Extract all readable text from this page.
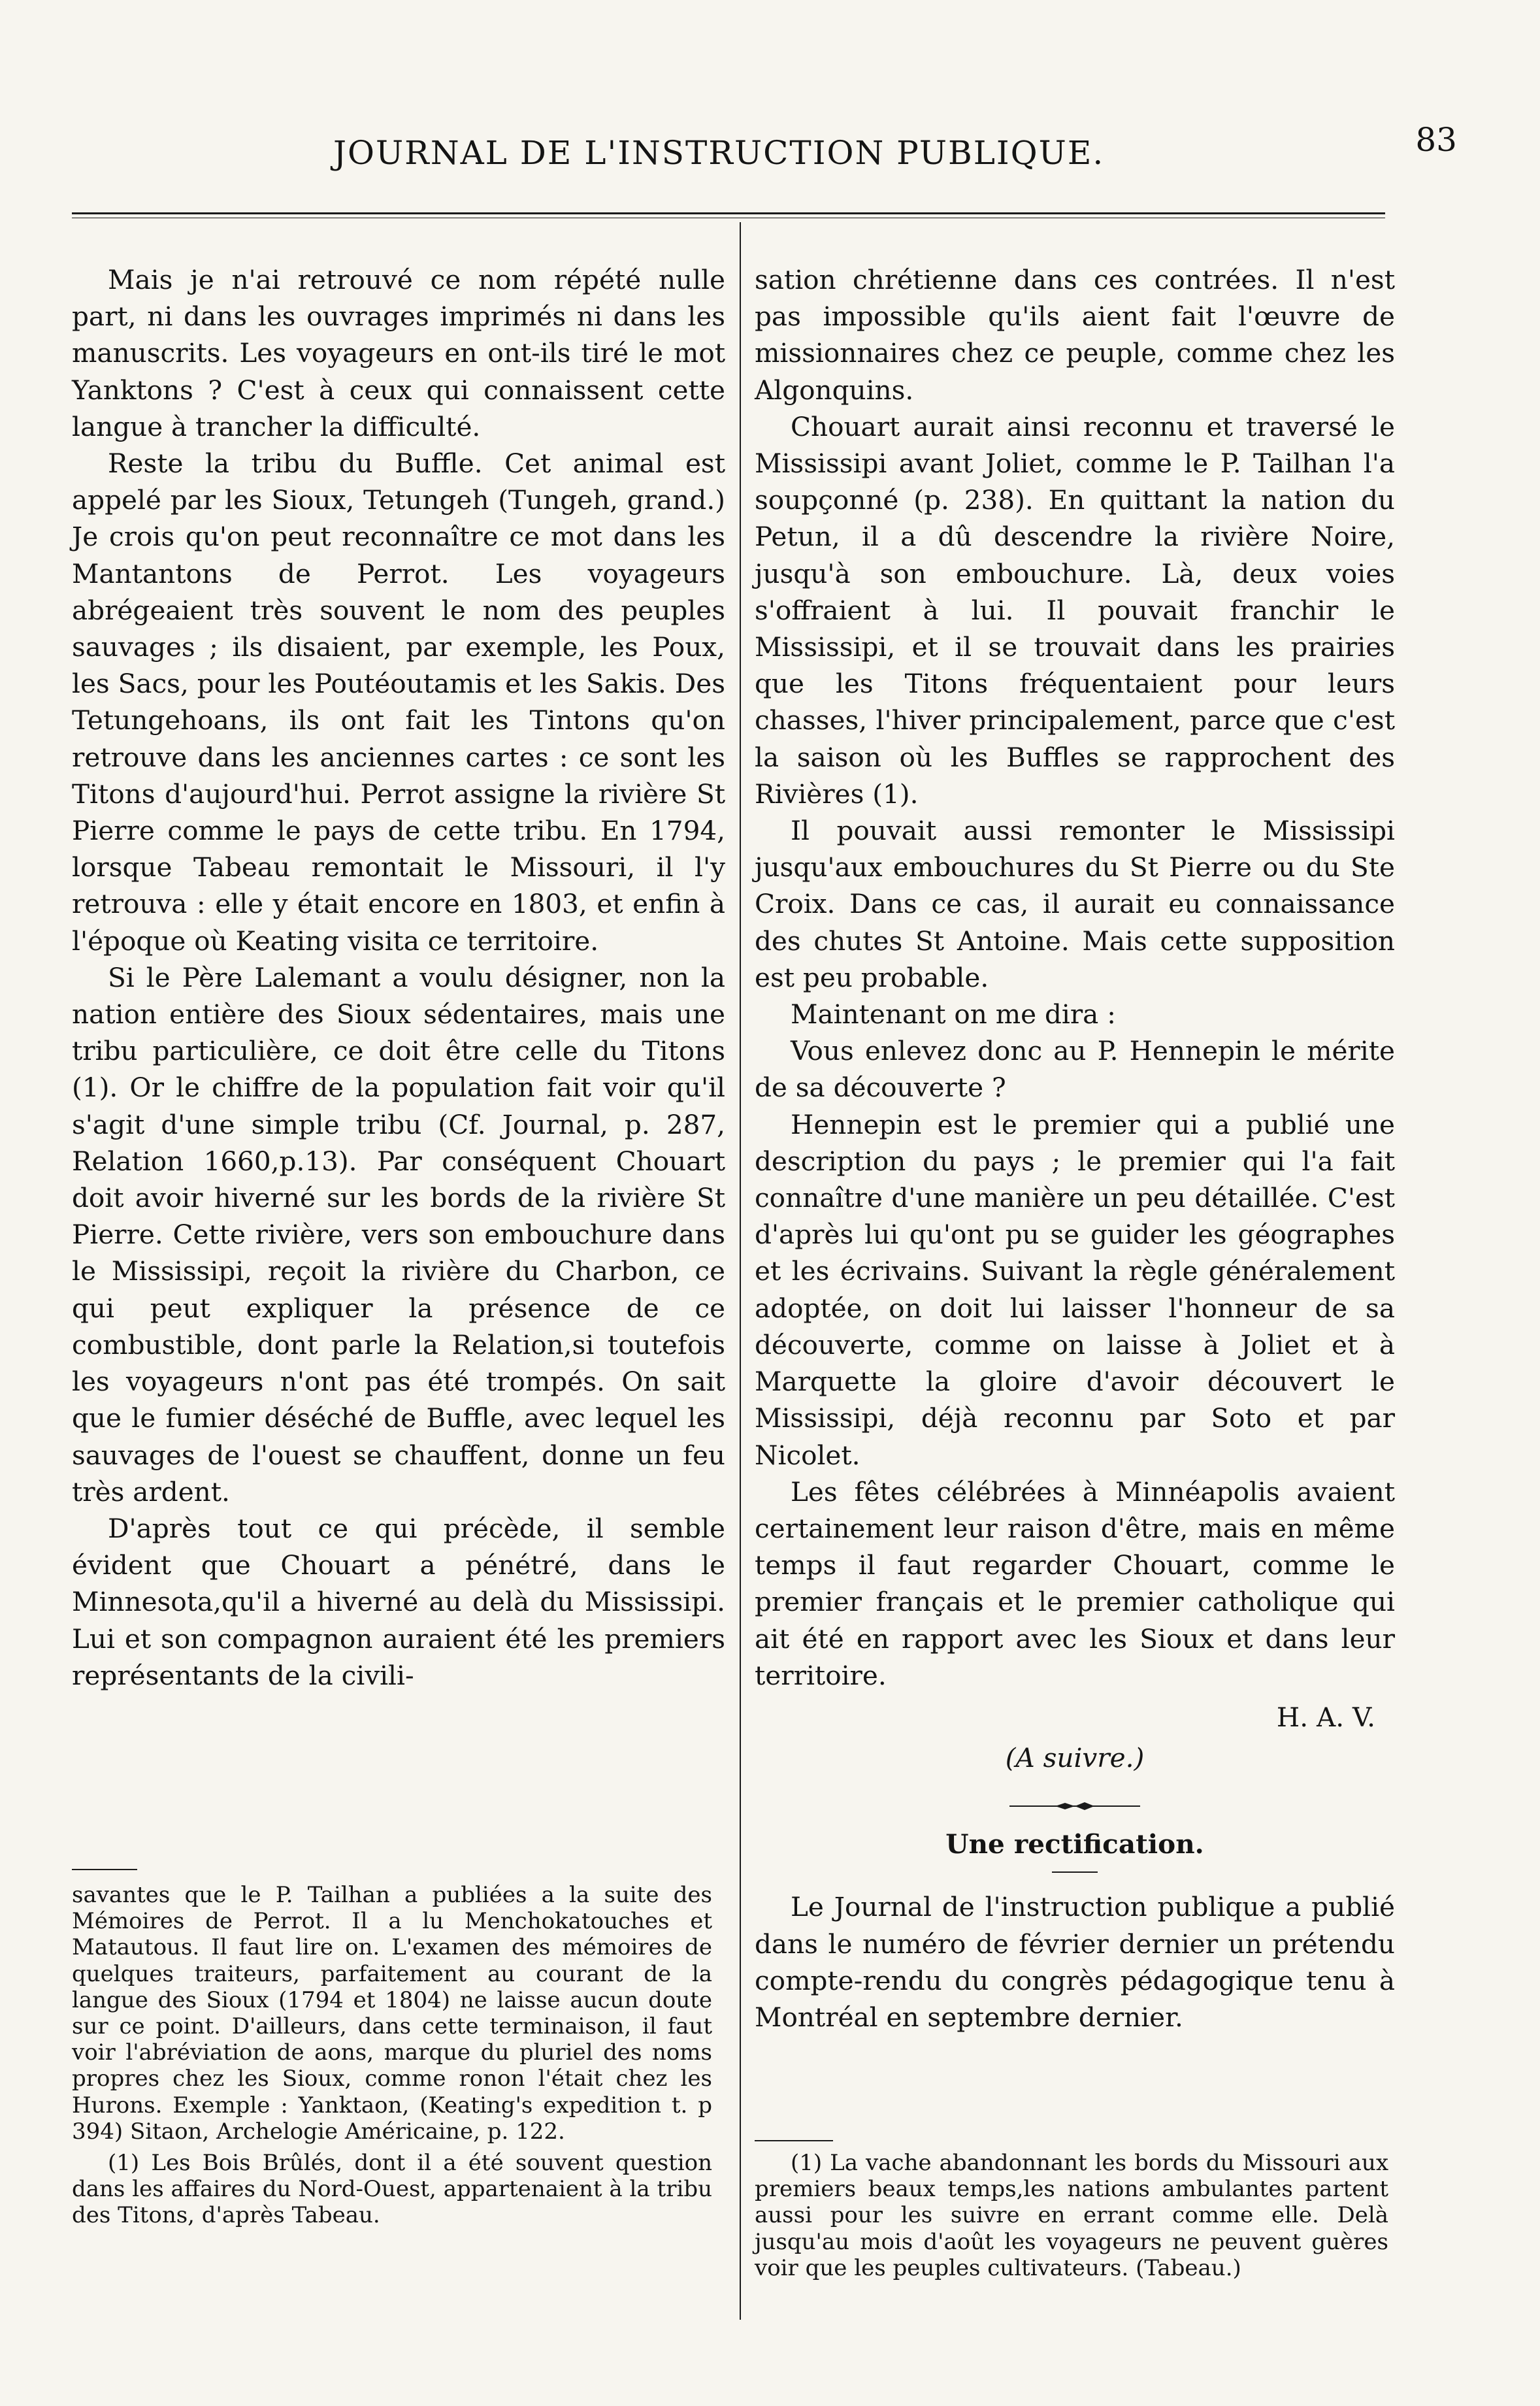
JOURNAL DE L'INSTRUCTION PUBLIQUE.	83

Mais je n'ai retrouvé ce nom répété nulle part, ni dans les ouvrages imprimés ni dans les manuscrits. Les voyageurs en ont-ils tiré le mot Yanktons ? C'est à ceux qui connaissent cette langue à trancher la difficulté.

Reste la tribu du Buffle. Cet animal est appelé par les Sioux, Tetungeh (Tungeh, grand.) Je crois qu'on peut reconnaître ce mot dans les Mantantons de Perrot. Les voyageurs abrégeaient très souvent le nom des peuples sauvages ; ils disaient, par exemple, les Poux, les Sacs, pour les Poutéoutamis et les Sakis. Des Tetungehoans, ils ont fait les Tintons qu'on retrouve dans les anciennes cartes : ce sont les Titons d'aujourd'hui. Perrot assigne la rivière St Pierre comme le pays de cette tribu. En 1794, lorsque Tabeau remontait le Missouri, il l'y retrouva : elle y était encore en 1803, et enfin à l'époque où Keating visita ce territoire.

Si le Père Lalemant a voulu désigner, non la nation entière des Sioux sédentaires, mais une tribu particulière, ce doit être celle du Titons (1). Or le chiffre de la population fait voir qu'il s'agit d'une simple tribu (Cf. Journal, p. 287, Relation 1660,p.13). Par conséquent Chouart doit avoir hiverné sur les bords de la rivière St Pierre. Cette rivière, vers son embouchure dans le Mississipi, reçoit la rivière du Charbon, ce qui peut expliquer la présence de ce combustible, dont parle la Relation,si toutefois les voyageurs n'ont pas été trompés. On sait que le fumier déséché de Buffle, avec lequel les sauvages de l'ouest se chauffent, donne un feu très ardent.

D'après tout ce qui précède, il semble évident que Chouart a pénétré, dans le Minnesota,qu'il a hiverné au delà du Mississipi. Lui et son compagnon auraient été les premiers représentants de la civili-

savantes que le P. Tailhan a publiées a la suite des Mémoires de Perrot. Il a lu Menchokatouches et Matautous. Il faut lire on. L'examen des mémoires de quelques traiteurs, parfaitement au courant de la langue des Sioux (1794 et 1804) ne laisse aucun doute sur ce point. D'ailleurs, dans cette terminaison, il faut voir l'abréviation de aons, marque du pluriel des noms propres chez les Sioux, comme ronon l'était chez les Hurons. Exemple : Yanktaon, (Keating's expedition t. p 394) Sitaon, Archelogie Américaine, p. 122.

(1) Les Bois Brûlés, dont il a été souvent question dans les affaires du Nord-Ouest, appartenaient à la tribu des Titons, d'après Tabeau.

sation chrétienne dans ces contrées. Il n'est pas impossible qu'ils aient fait l'œuvre de missionnaires chez ce peuple, comme chez les Algonquins.

Chouart aurait ainsi reconnu et traversé le Mississipi avant Joliet, comme le P. Tailhan l'a soupçonné (p. 238). En quittant la nation du Petun, il a dû descendre la rivière Noire, jusqu'à son embouchure. Là, deux voies s'offraient à lui. Il pouvait franchir le Mississipi, et il se trouvait dans les prairies que les Titons fréquentaient pour leurs chasses, l'hiver principalement, parce que c'est la saison où les Buffles se rapprochent des Rivières (1).

Il pouvait aussi remonter le Mississipi jusqu'aux embouchures du St Pierre ou du Ste Croix. Dans ce cas, il aurait eu connaissance des chutes St Antoine. Mais cette supposition est peu probable.

Maintenant on me dira :

Vous enlevez donc au P. Hennepin le mérite de sa découverte ?

Hennepin est le premier qui a publié une description du pays ; le premier qui l'a fait connaître d'une manière un peu détaillée. C'est d'après lui qu'ont pu se guider les géographes et les écrivains. Suivant la règle généralement adoptée, on doit lui laisser l'honneur de sa découverte, comme on laisse à Joliet et à Marquette la gloire d'avoir découvert le Mississipi, déjà reconnu par Soto et par Nicolet.

Les fêtes célébrées à Minnéapolis avaient certainement leur raison d'être, mais en même temps il faut regarder Chouart, comme le premier français et le premier catholique qui ait été en rapport avec les Sioux et dans leur territoire.

H. A. V.

(A suivre.)

Une rectification.

Le Journal de l'instruction publique a publié dans le numéro de février dernier un prétendu compte-rendu du congrès pédagogique tenu à Montréal en septembre dernier.

(1) La vache abandonnant les bords du Missouri aux premiers beaux temps,les nations ambulantes partent aussi pour les suivre en errant comme elle. Delà jusqu'au mois d'août les voyageurs ne peuvent guères voir que les peuples cultivateurs. (Tabeau.)
